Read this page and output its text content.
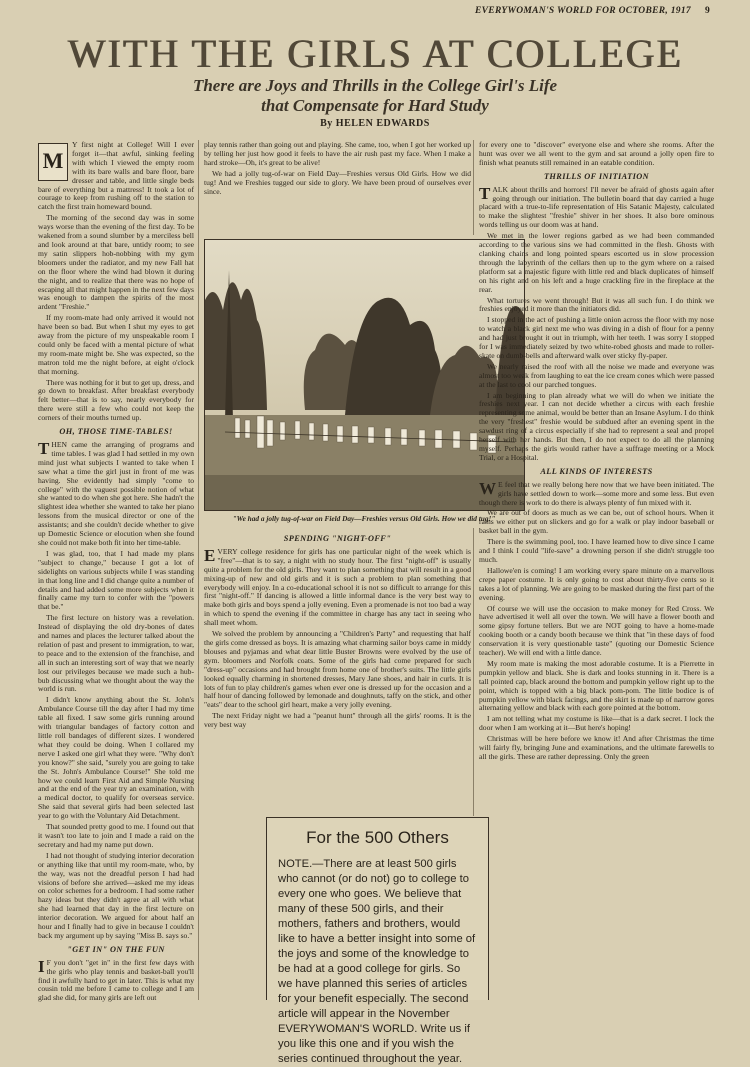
EVERYWOMAN'S WORLD FOR OCTOBER, 1917 9
WITH THE GIRLS AT COLLEGE
There are Joys and Thrills in the College Girl's Life
that Compensate for Hard Study
By HELEN EDWARDS

M
Y first night at College! Will I ever forget it—that awful, sinking feeling with which I viewed the empty room with its bare walls and bare floor, bare dresser and table, and little single beds bare of everything but a mattress! It took a lot of courage to keep from rushing off to the station to catch the first train homeward bound.

The morning of the second day was in some ways worse than the evening of the first day. To be wakened from a sound slumber by a merciless bell and look around at that bare, untidy room; to see my satin slippers hob-nobbing with my gym bloomers under the radiator, and my new Fall hat on the floor where the wind had blown it during the night, and to realize that there was no hope of escaping all that might happen in the next few days was enough to dampen the spirits of the most ardent "Freshie."

If my room-mate had only arrived it would not have been so bad. But when I shut my eyes to get away from the picture of my unspeakable room I could only be faced with a mental picture of what my room-mate might be. She was expected, so the matron told me the night before, at eight o'clock that morning.

There was nothing for it but to get up, dress, and go down to breakfast. After breakfast everybody felt better—that is to say, nearly everybody for there were still a few who could not keep the corners of their mouths turned up.

OH, THOSE TIME-TABLES!

THEN came the arranging of programs and time tables. I was glad I had settled in my own mind just what subjects I wanted to take when I saw what a time the girl just in front of me was having. She evidently had simply "come to college" with the vaguest possible notion of what she wanted to do when she got here. She hadn't the slightest idea whether she wanted to take her piano lessons from the musical director or one of the assistants; and she couldn't decide whether to give up Domestic Science or elocution when she found she could not make both fit into her time-table.

I was glad, too, that I had made my plans "subject to change," because I got a lot of sidelights on various subjects while I was standing in that long line and I did change quite a number of details and had added some more subjects when it finally came my turn to confer with the "powers that be."

The first lecture on history was a revelation. Instead of displaying the old dry-bones of dates and names and places the lecturer talked about the relation of past and present to immigration, to war, to peace and to the extension of the franchise, and all in such an interesting sort of way that we nearly lost our privileges because we made such a hub-bub discussing what we thought about the way the world is run.

I didn't know anything about the St. John's Ambulance Course till the day after I had my time table all fixed. I saw some girls running around with triangular bandages of factory cotton and little roll bandages of different sizes. I wondered what they could be doing. When I collared my nerve I asked one girl what they were. "Why don't you know?" she said, "surely you are going to take the St. John's Ambulance Course!" She told me how we could learn First Aid and Simple Nursing and at the end of the year try an examination, with a medical doctor, to qualify for overseas service. She said that several girls had been selected last year to go with the Voluntary Aid Detachment.

That sounded pretty good to me. I found out that it wasn't too late to join and I made a raid on the secretary and had my name put down.

I had not thought of studying interior decoration or anything like that until my room-mate, who, by the way, was not the dreadful person I had had visions of before she arrived—asked me my ideas on color schemes for a bedroom. I had some rather hazy ideas but they didn't agree at all with what she had learned that day in the first lecture on interior decoration. We argued for about half an hour and I finally had to give in because I couldn't back my argument up by saying "Miss B. says so."

"GET IN" ON THE FUN

I F you don't "get in" in the first few days with the girls who play tennis and basket-ball you'll find it awfully hard to get in later. This is what my cousin told me before I came to college and I am glad she did, for many girls are left out

play tennis rather than going out and playing. She came, too, when I got her worked up by telling her just how good it feels to have the air rush past my face. When I make a hard stroke—Oh, it's great to be alive!

We had a jolly tug-of-war on Field Day—Freshies versus Old Girls. How we did tug! And we Freshies tugged our side to glory. We have been proud of ourselves ever since.

"We had a jolly tug-of-war on Field Day—Freshies versus Old Girls. How we did tug!"
SPENDING "NIGHT-OFF"

EVERY college residence for girls has one particular night of the week which is "free"—that is to say, a night with no study hour. The first "night-off" is usually quite a problem for the old girls. They want to plan something that will result in a good mixing-up of new and old girls and it is such a problem to plan something that everybody will enjoy. In a co-educational school it is not so difficult to arrange for this first "night-off." If dancing is allowed a little informal dance is the very best way to make both girls and boys spend a jolly evening. Even a promenade is not too bad a way in which to spend the evening if the committee in charge has any tact in seeing who shall meet whom.

We solved the problem by announcing a "Children's Party" and requesting that half the girls come dressed as boys. It is amazing what charming sailor boys came in middy blouses and pyjamas and what dear little Buster Browns were evolved by the use of gym. bloomers and Norfolk coats. Some of the girls had come prepared for such "dress-up" occasions and had brought from home one of brother's suits. The little girls looked equally charming in shortened dresses, Mary Jane shoes, and hair in curls. It is lots of fun to play children's games when ever one is dressed up for the occasion and a half hour of dancing followed by lemonade and doughnuts, taffy on the stick, and other "eats" dear to the school girl heart, make a very jolly evening.

The next Friday night we had a "peanut hunt" through all the girls' rooms. It is the very best way

for every one to "discover" everyone else and where she rooms. After the hunt was over we all went to the gym and sat around a jolly open fire to finish what peanuts still remained in an eatable condition.

THRILLS OF INITIATION

TALK about thrills and horrors! I'll never be afraid of ghosts again after going through our initiation. The bulletin board that day carried a huge placard with a true-to-life representation of His Satanic Majesty, calculated to make the slightest "freshie" shiver in her shoes. It also bore ominous words telling us our doom was at hand.

We met in the lower regions garbed as we had been commanded according to the various sins we had committed in the flesh. Ghosts with clanking chains and long pointed spears escorted us in slow procession through the labyrinth of the cellars then up to the gym where on a raised platform sat a majestic figure with little red and black duplicates of himself on his right and on his left and a huge crackling fire in the fireplace at the rear.

What tortures we went through! But it was all such fun. I do think we freshies enjoyed it more than the initiators did.

I stopped in the act of pushing a little onion across the floor with my nose to watch a black girl next me who was diving in a dish of flour for a penny and had just brought it out in triumph, with her teeth. I was sorry I stopped for I was immediately seized by two white-robed ghosts and made to roller-skate on dumb-bells and afterward walk over sticky fly-paper.

We nearly raised the roof with all the noise we made and everyone was almost too weak from laughing to eat the ice cream cones which were passed at the last to cool our parched tongues.

I am beginning to plan already what we will do when we initiate the freshies next year. I can not decide whether a circus with each freshie representing some animal, would be better than an Insane Asylum. I do think the very "freshest" freshie would be subdued after an evening spent in the sawdust ring of a circus especially if she had to represent a seal and propel herself with her hands. But then, I do not expect to do all the planning myself. Perhaps the girls would rather have a suffrage meeting or a Mock Trial, or a Hospital.

ALL KINDS OF INTERESTS

W E feel that we really belong here now that we have been initiated. The girls have settled down to work—some more and some less. But even though there is work to do there is always plenty of fun mixed with it.

We are out of doors as much as we can be, out of school hours. When it rains we either put on slickers and go for a walk or play indoor baseball or basket ball in the gym.

There is the swimming pool, too. I have learned how to dive since I came and I think I could "life-save" a drowning person if she didn't struggle too much.

Hallowe'en is coming! I am working every spare minute on a marvellous crepe paper costume. It is only going to cost about thirty-five cents so it takes a lot of planning. We are going to be masked during the first part of the evening.

Of course we will use the occasion to make money for Red Cross. We have advertised it well all over the town. We will have a flower booth and some gipsy fortune tellers. But we are NOT going to have a home-made cooking booth or a candy booth because we think that "in these days of food conservation it is very questionable taste" (quoting our Domestic Science teacher). We will end with a little dance.

My room mate is making the most adorable costume. It is a Pierrette in pumpkin yellow and black. She is dark and looks stunning in it. There is a tall pointed cap, black around the bottom and pumpkin yellow right up to the point, which is topped with a big black pom-pom. The little bodice is of pumpkin yellow with black facings, and the skirt is made up of narrow gores alternating yellow and black with each gore pointed at the bottom.

I am not telling what my costume is like—that is a dark secret. I lock the door when I am working at it—But here's hoping!

Christmas will be here before we know it! And after Christmas the time will fairly fly, bringing June and examinations, and the ultimate farewells to all the girls. These are rather depressing. Only the green

For the 500 Others

NOTE.—There are at least 500 girls who cannot (or do not) go to college to every one who goes. We believe that many of these 500 girls, and their mothers, fathers and brothers, would like to have a better insight into some of the joys and some of the knowledge to be had at a good college for girls. So we have planned this series of articles for your benefit especially. The second article will appear in the November EVERYWOMAN'S WORLD. Write us if you like this one and if you wish the series continued throughout the year.
